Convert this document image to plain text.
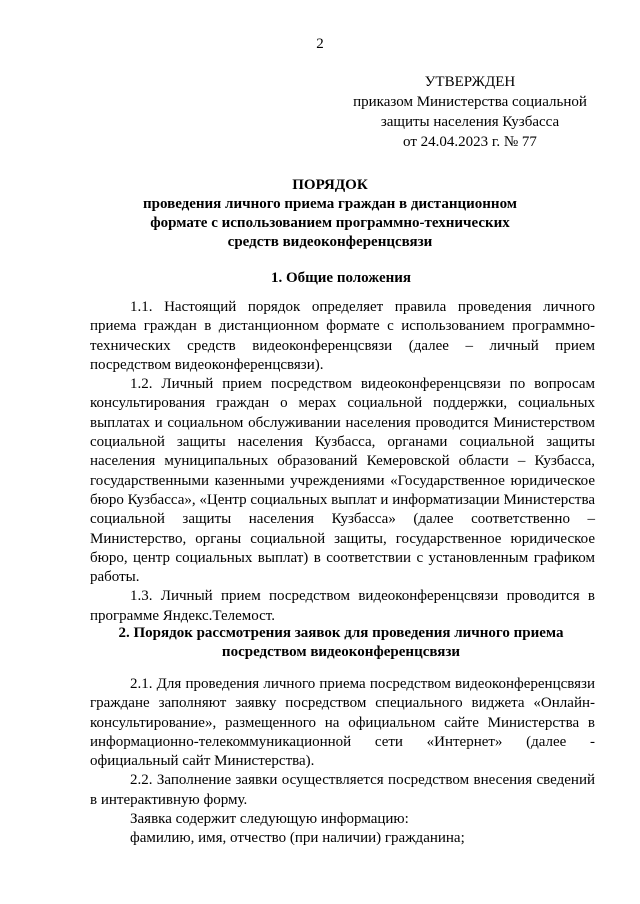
2
УТВЕРЖДЕН
приказом Министерства социальной
защиты населения Кузбасса
от 24.04.2023 г. № 77
ПОРЯДОК
проведения личного приема граждан в дистанционном
формате с использованием программно-технических
средств видеоконференцсвязи
1. Общие положения

1.1. Настоящий порядок определяет правила проведения личного приема граждан в дистанционном формате с использованием программно-технических средств видеоконференцсвязи (далее – личный прием посредством видеоконференцсвязи).

1.2. Личный прием посредством видеоконференцсвязи по вопросам консультирования граждан о мерах социальной поддержки, социальных выплатах и социальном обслуживании населения проводится Министерством социальной защиты населения Кузбасса, органами социальной защиты населения муниципальных образований Кемеровской области – Кузбасса, государственными казенными учреждениями «Государственное юридическое бюро Кузбасса», «Центр социальных выплат и информатизации Министерства социальной защиты населения Кузбасса» (далее соответственно – Министерство, органы социальной защиты, государственное юридическое бюро, центр социальных выплат) в соответствии с установленным графиком работы.

1.3. Личный прием посредством видеоконференцсвязи проводится в программе Яндекс.Телемост.

2. Порядок рассмотрения заявок для проведения личного приема
посредством видеоконференцсвязи

2.1. Для проведения личного приема посредством видеоконференцсвязи граждане заполняют заявку посредством специального виджета «Онлайн-консультирование», размещенного на официальном сайте Министерства в информационно-телекоммуникационной сети «Интернет» (далее - официальный сайт Министерства).

2.2. Заполнение заявки осуществляется посредством внесения сведений в интерактивную форму.

Заявка содержит следующую информацию:

фамилию, имя, отчество (при наличии) гражданина;
